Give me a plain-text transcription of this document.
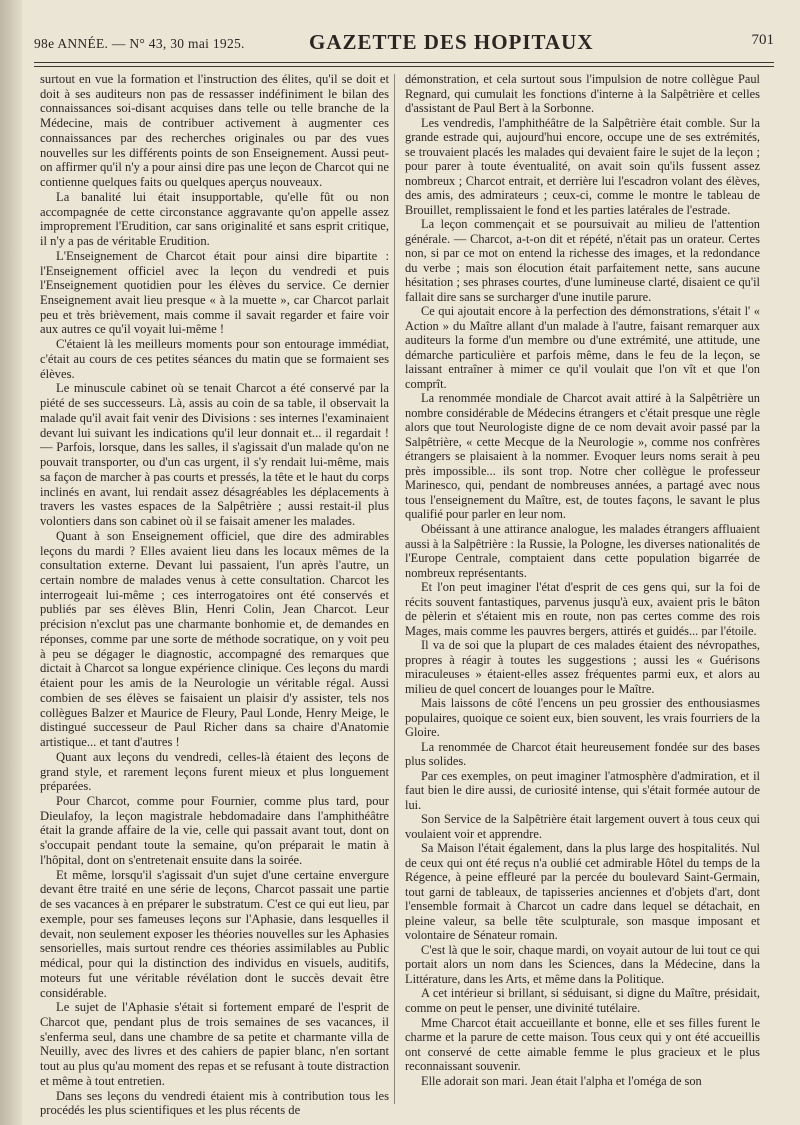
98e ANNÉE. — N° 43, 30 mai 1925.	GAZETTE DES HOPITAUX	701

surtout en vue la formation et l'instruction des élites, qu'il se doit et doit à ses auditeurs non pas de ressasser indéfiniment le bilan des connaissances soi-disant acquises dans telle ou telle branche de la Médecine, mais de contribuer activement à augmenter ces connaissances par des recherches originales ou par des vues nouvelles sur les différents points de son Enseignement. Aussi peut-on affirmer qu'il n'y a pour ainsi dire pas une leçon de Charcot qui ne contienne quelques faits ou quelques aperçus nouveaux.

La banalité lui était insupportable, qu'elle fût ou non accompagnée de cette circonstance aggravante qu'on appelle assez improprement l'Erudition, car sans originalité et sans esprit critique, il n'y a pas de véritable Erudition.

L'Enseignement de Charcot était pour ainsi dire bipartite : l'Enseignement officiel avec la leçon du vendredi et puis l'Enseignement quotidien pour les élèves du service. Ce dernier Enseignement avait lieu presque « à la muette », car Charcot parlait peu et très brièvement, mais comme il savait regarder et faire voir aux autres ce qu'il voyait lui-même !

C'étaient là les meilleurs moments pour son entourage immédiat, c'était au cours de ces petites séances du matin que se formaient ses élèves.

Le minuscule cabinet où se tenait Charcot a été conservé par la piété de ses successeurs. Là, assis au coin de sa table, il observait la malade qu'il avait fait venir des Divisions : ses internes l'examinaient devant lui suivant les indications qu'il leur donnait et... il regardait ! — Parfois, lorsque, dans les salles, il s'agissait d'un malade qu'on ne pouvait transporter, ou d'un cas urgent, il s'y rendait lui-même, mais sa façon de marcher à pas courts et pressés, la tête et le haut du corps inclinés en avant, lui rendait assez désagréables les déplacements à travers les vastes espaces de la Salpêtrière ; aussi restait-il plus volontiers dans son cabinet où il se faisait amener les malades.

Quant à son Enseignement officiel, que dire des admirables leçons du mardi ? Elles avaient lieu dans les locaux mêmes de la consultation externe. Devant lui passaient, l'un après l'autre, un certain nombre de malades venus à cette consultation. Charcot les interrogeait lui-même ; ces interrogatoires ont été conservés et publiés par ses élèves Blin, Henri Colin, Jean Charcot. Leur précision n'exclut pas une charmante bonhomie et, de demandes en réponses, comme par une sorte de méthode socratique, on y voit peu à peu se dégager le diagnostic, accompagné des remarques que dictait à Charcot sa longue expérience clinique. Ces leçons du mardi étaient pour les amis de la Neurologie un véritable régal. Aussi combien de ses élèves se faisaient un plaisir d'y assister, tels nos collègues Balzer et Maurice de Fleury, Paul Londe, Henry Meige, le distingué successeur de Paul Richer dans sa chaire d'Anatomie artistique... et tant d'autres !

Quant aux leçons du vendredi, celles-là étaient des leçons de grand style, et rarement leçons furent mieux et plus longuement préparées.

Pour Charcot, comme pour Fournier, comme plus tard, pour Dieulafoy, la leçon magistrale hebdomadaire dans l'amphithéâtre était la grande affaire de la vie, celle qui passait avant tout, dont on s'occupait pendant toute la semaine, qu'on préparait le matin à l'hôpital, dont on s'entretenait ensuite dans la soirée.

Et même, lorsqu'il s'agissait d'un sujet d'une certaine envergure devant être traité en une série de leçons, Charcot passait une partie de ses vacances à en préparer le substratum. C'est ce qui eut lieu, par exemple, pour ses fameuses leçons sur l'Aphasie, dans lesquelles il devait, non seulement exposer les théories nouvelles sur les Aphasies sensorielles, mais surtout rendre ces théories assimilables au Public médical, pour qui la distinction des individus en visuels, auditifs, moteurs fut une véritable révélation dont le succès devait être considérable.

Le sujet de l'Aphasie s'était si fortement emparé de l'esprit de Charcot que, pendant plus de trois semaines de ses vacances, il s'enferma seul, dans une chambre de sa petite et charmante villa de Neuilly, avec des livres et des cahiers de papier blanc, n'en sortant tout au plus qu'au moment des repas et se refusant à toute distraction et même à tout entretien.

Dans ses leçons du vendredi étaient mis à contribution tous les procédés les plus scientifiques et les plus récents de

démonstration, et cela surtout sous l'impulsion de notre collègue Paul Regnard, qui cumulait les fonctions d'interne à la Salpêtrière et celles d'assistant de Paul Bert à la Sorbonne.

Les vendredis, l'amphithéâtre de la Salpêtrière était comble. Sur la grande estrade qui, aujourd'hui encore, occupe une de ses extrémités, se trouvaient placés les malades qui devaient faire le sujet de la leçon ; pour parer à toute éventualité, on avait soin qu'ils fussent assez nombreux ; Charcot entrait, et derrière lui l'escadron volant des élèves, des amis, des admirateurs ; ceux-ci, comme le montre le tableau de Brouillet, remplissaient le fond et les parties latérales de l'estrade.

La leçon commençait et se poursuivait au milieu de l'attention générale. — Charcot, a-t-on dit et répété, n'était pas un orateur. Certes non, si par ce mot on entend la richesse des images, et la redondance du verbe ; mais son élocution était parfaitement nette, sans aucune hésitation ; ses phrases courtes, d'une lumineuse clarté, disaient ce qu'il fallait dire sans se surcharger d'une inutile parure.

Ce qui ajoutait encore à la perfection des démonstrations, s'était l' « Action » du Maître allant d'un malade à l'autre, faisant remarquer aux auditeurs la forme d'un membre ou d'une extrémité, une attitude, une démarche particulière et parfois même, dans le feu de la leçon, se laissant entraîner à mimer ce qu'il voulait que l'on vît et que l'on comprît.

La renommée mondiale de Charcot avait attiré à la Salpêtrière un nombre considérable de Médecins étrangers et c'était presque une règle alors que tout Neurologiste digne de ce nom devait avoir passé par la Salpêtrière, « cette Mecque de la Neurologie », comme nos confrères étrangers se plaisaient à la nommer. Evoquer leurs noms serait à peu près impossible... ils sont trop. Notre cher collègue le professeur Marinesco, qui, pendant de nombreuses années, a partagé avec nous tous l'enseignement du Maître, est, de toutes façons, le savant le plus qualifié pour parler en leur nom.

Obéissant à une attirance analogue, les malades étrangers affluaient aussi à la Salpêtrière : la Russie, la Pologne, les diverses nationalités de l'Europe Centrale, comptaient dans cette population bigarrée de nombreux représentants.

Et l'on peut imaginer l'état d'esprit de ces gens qui, sur la foi de récits souvent fantastiques, parvenus jusqu'à eux, avaient pris le bâton de pèlerin et s'étaient mis en route, non pas certes comme des rois Mages, mais comme les pauvres bergers, attirés et guidés... par l'étoile.

Il va de soi que la plupart de ces malades étaient des névropathes, propres à réagir à toutes les suggestions ; aussi les « Guérisons miraculeuses » étaient-elles assez fréquentes parmi eux, et alors au milieu de quel concert de louanges pour le Maître.

Mais laissons de côté l'encens un peu grossier des enthousiasmes populaires, quoique ce soient eux, bien souvent, les vrais fourriers de la Gloire.

La renommée de Charcot était heureusement fondée sur des bases plus solides.

Par ces exemples, on peut imaginer l'atmosphère d'admiration, et il faut bien le dire aussi, de curiosité intense, qui s'était formée autour de lui.

Son Service de la Salpêtrière était largement ouvert à tous ceux qui voulaient voir et apprendre.

Sa Maison l'était également, dans la plus large des hospitalités. Nul de ceux qui ont été reçus n'a oublié cet admirable Hôtel du temps de la Régence, à peine effleuré par la percée du boulevard Saint-Germain, tout garni de tableaux, de tapisseries anciennes et d'objets d'art, dont l'ensemble formait à Charcot un cadre dans lequel se détachait, en pleine valeur, sa belle tête sculpturale, son masque imposant et volontaire de Sénateur romain.

C'est là que le soir, chaque mardi, on voyait autour de lui tout ce qui portait alors un nom dans les Sciences, dans la Médecine, dans la Littérature, dans les Arts, et même dans la Politique.

A cet intérieur si brillant, si séduisant, si digne du Maître, présidait, comme on peut le penser, une divinité tutélaire.

Mme Charcot était accueillante et bonne, elle et ses filles furent le charme et la parure de cette maison. Tous ceux qui y ont été accueillis ont conservé de cette aimable femme le plus gracieux et le plus reconnaissant souvenir.

Elle adorait son mari. Jean était l'alpha et l'oméga de son
